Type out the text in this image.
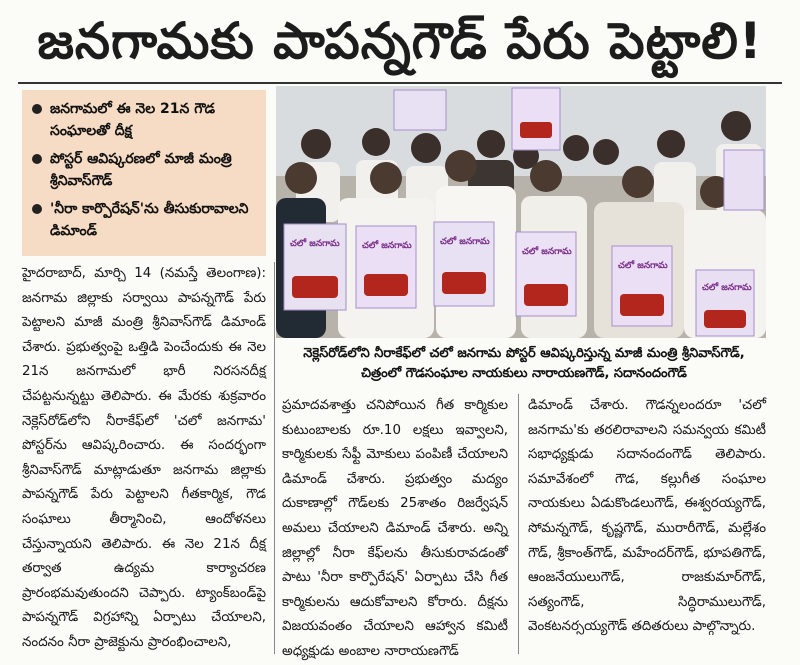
జనగామకు పాపన్నగౌడ్ పేరు పెట్టాలి!
జనగామలో ఈ నెల 21న గౌడ సంఘాలతో దీక్ష
పోస్టర్ ఆవిష్కరణలో మాజీ మంత్రి శ్రీనివాస్‌గౌడ్
'నీరా కార్పొరేషన్'ను తీసుకురావాలని డిమాండ్
చలో జనగామ చలో జనగామ	చలో జనగామ
చలో జనగామ
చలో జనగామ
చలో జనగామ
నెక్లెస్‌రోడ్‌లోని నీరాకేఫ్‌లో చలో జనగామ పోస్టర్ ఆవిష్కరిస్తున్న మాజీ మంత్రి శ్రీనివాస్‌గౌడ్, చిత్రంలో గౌడసంఘాల నాయకులు నారాయణగౌడ్, సదానందంగౌడ్
హైదరాబాద్, మార్చి 14 (నమస్తే తెలంగాణ): జనగామ జిల్లాకు సర్వాయి పాపన్నగౌడ్ పేరు పెట్టాలని మాజీ మంత్రి శ్రీనివాస్‌గౌడ్ డిమాండ్ చేశారు. ప్రభుత్వంపై ఒత్తిడి పెంచేందుకు ఈ నెల 21న జనగామలో భారీ నిరసనదీక్ష చేపట్టనున్నట్టు తెలిపారు. ఈ మేరకు శుక్రవారం నెక్లెస్‌రోడ్‌లోని నీరాకేఫ్‌లో 'చలో జనగామ' పోస్టర్‌ను ఆవిష్కరించారు. ఈ సందర్భంగా శ్రీనివాస్‌గౌడ్ మాట్లాడుతూ జనగామ జిల్లాకు పాపన్నగౌడ్ పేరు పెట్టాలని గీతకార్మిక, గౌడ సంఘాలు తీర్మానించి, ఆందోళనలు చేస్తున్నాయని తెలిపారు. ఈ నెల 21న దీక్ష తర్వాత ఉద్యమ కార్యాచరణ ప్రారంభమవుతుందని చెప్పారు. ట్యాంక్‌బండ్‌పై పాపన్నగౌడ్ విగ్రహాన్ని ఏర్పాటు చేయాలని, నందనం నీరా ప్రాజెక్టును ప్రారంభించాలని,
ప్రమాదవశాత్తు చనిపోయిన గీత కార్మికుల కుటుంబాలకు రూ.10 లక్షలు ఇవ్వాలని, కార్మికులకు సేఫ్టీ మోకులు పంపిణీ చేయాలని డిమాండ్ చేశారు. ప్రభుత్వం మద్యం దుకాణాల్లో గౌడ్‌లకు 25శాతం రిజర్వేషన్ అమలు చేయాలని డిమాండ్ చేశారు. అన్ని జిల్లాల్లో నీరా కేఫ్‌లను తీసుకురావడంతో పాటు 'నీరా కార్పొరేషన్' ఏర్పాటు చేసి గీత కార్మికులను ఆదుకోవాలని కోరారు. దీక్షను విజయవంతం చేయాలని ఆహ్వాన కమిటీ అధ్యక్షుడు అంబాల నారాయణగౌడ్
డిమాండ్ చేశారు. గౌడన్నలందరూ 'చలో జనగామ'కు తరలిరావాలని సమన్వయ కమిటీ సభాధ్యక్షుడు సదానందంగౌడ్ తెలిపారు. సమావేశంలో గౌడ, కల్లుగీత సంఘాల నాయకులు ఏడుకొండలుగౌడ్, ఈశ్వరయ్యగౌడ్, సోమన్నగౌడ్, కృష్ణగౌడ్, మురారీగౌడ్, మల్లేశం గౌడ్, శ్రీకాంత్‌గౌడ్, మహేందర్‌గౌడ్, భూపతిగౌడ్, ఆంజనేయులుగౌడ్, రాజకుమార్‌గౌడ్, సత్యంగౌడ్, సిద్ధిరాములుగౌడ్, వెంకటనర్సయ్యగౌడ్ తదితరులు పాల్గొన్నారు.
